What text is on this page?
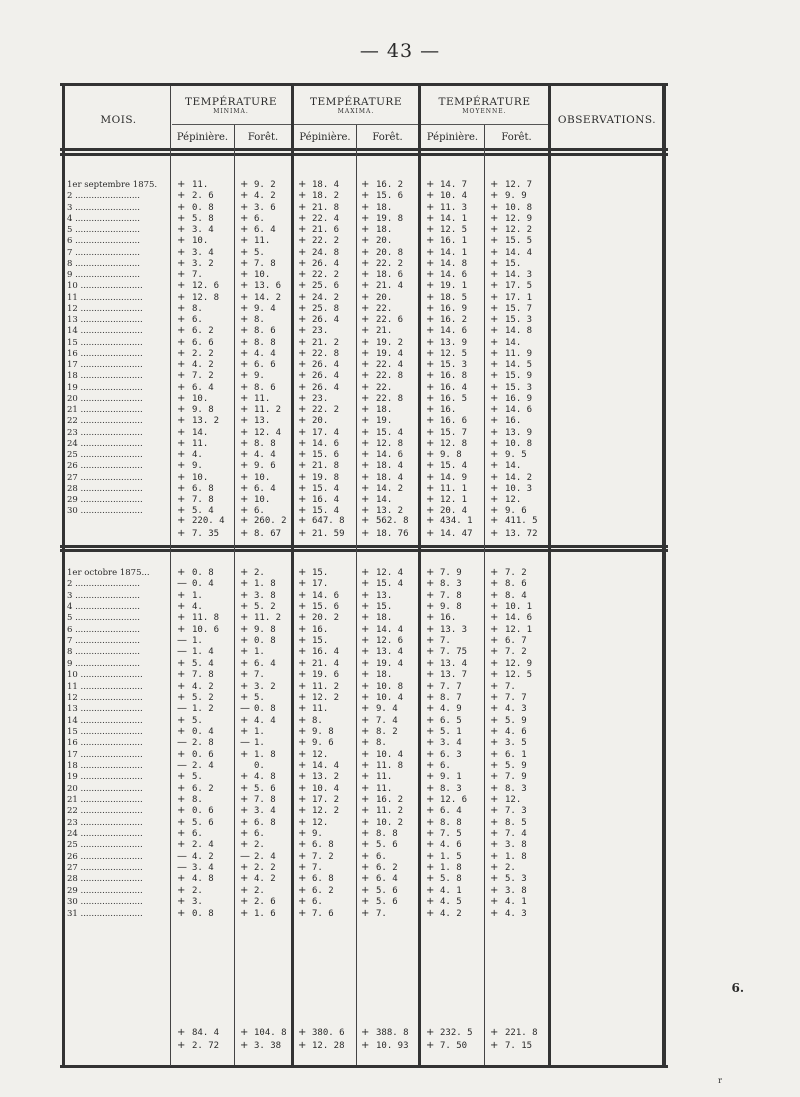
— 43 —
MOIS.
TEMPÉRATURE
MINIMA.
TEMPÉRATURE
MAXIMA.
TEMPÉRATURE
MOYENNE.
OBSERVATIONS.
Pépinière.	Forêt.	Pépinière.	Forêt.	Pépinière.	Forêt.
1er septembre 1875.	+ 11.	+ 9. 2 + 18. 4 + 16. 2 + 14. 7 + 12. 7
2 ........................	+ 2. 6	+ 4. 2 + 18. 2 + 15. 6 + 10. 4 + 9. 9
3 ........................	+ 0. 8	+ 3. 6 + 21. 8 + 18.	+ 11. 3 + 10. 8
4 ........................	+ 5. 8	+ 6.	+ 22. 4 + 19. 8 + 14. 1 + 12. 9
5 ........................	+ 3. 4	+ 6. 4 + 21. 6 + 18.	+ 12. 5 + 12. 2
6 ........................	+ 10.	+ 11.	+ 22. 2 + 20.	+ 16. 1 + 15. 5
7 ........................	+ 3. 4	+ 5.	+ 24. 8 + 20. 8 + 14. 1 + 14. 4
8 ........................	+ 3. 2	+ 7. 8 + 26. 4 + 22. 2 + 14. 8 + 15.
9 ........................	+ 7.	+ 10.	+ 22. 2 + 18. 6 + 14. 6 + 14. 3
10 .......................	+ 12. 6 + 13. 6 + 25. 6 + 21. 4 + 19. 1 + 17. 5
11 .......................	+ 12. 8 + 14. 2 + 24. 2 + 20.	+ 18. 5 + 17. 1
12 .......................	+ 8.	+ 9. 4 + 25. 8 + 22.	+ 16. 9 + 15. 7
13 .......................	+ 6.	+ 8.	+ 26. 4 + 22. 6 + 16. 2 + 15. 3
14 .......................	+ 6. 2	+ 8. 6 + 23.	+ 21.	+ 14. 6 + 14. 8
15 .......................	+ 6. 6	+ 8. 8 + 21. 2 + 19. 2 + 13. 9 + 14.
16 .......................	+ 2. 2	+ 4. 4 + 22. 8 + 19. 4 + 12. 5 + 11. 9
17 .......................	+ 4. 2	+ 6. 6 + 26. 4 + 22. 4 + 15. 3 + 14. 5
18 .......................	+ 7. 2	+ 9.	+ 26. 4 + 22. 8 + 16. 8 + 15. 9
19 .......................	+ 6. 4	+ 8. 6 + 26. 4 + 22.	+ 16. 4 + 15. 3
20 .......................	+ 10.	+ 11.	+ 23.	+ 22. 8 + 16. 5 + 16. 9
21 .......................	+ 9. 8	+ 11. 2 + 22. 2 + 18.	+ 16.	+ 14. 6
22 .......................	+ 13. 2 + 13.	+ 20.	+ 19.	+ 16. 6 + 16.
23 .......................	+ 14.	+ 12. 4 + 17. 4 + 15. 4 + 15. 7 + 13. 9
24 .......................	+ 11.	+ 8. 8 + 14. 6 + 12. 8 + 12. 8 + 10. 8
25 .......................	+ 4.	+ 4. 4 + 15. 6 + 14. 6 + 9. 8	+ 9. 5
26 .......................	+ 9.	+ 9. 6 + 21. 8 + 18. 4 + 15. 4 + 14.
27 .......................	+ 10.	+ 10.	+ 19. 8 + 18. 4 + 14. 9 + 14. 2
28 .......................	+ 6. 8	+ 6. 4 + 15. 4 + 14. 2 + 11. 1 + 10. 3
29 .......................	+ 7. 8	+ 10.	+ 16. 4 + 14.	+ 12. 1 + 12.
30 .......................	+ 5. 4	+ 6.	+ 15. 4 + 13. 2 + 20. 4 + 9. 6
+ 220. 4 + 260. 2 + 647. 8 + 562. 8 + 434. 1 + 411. 5
+ 7. 35 + 8. 67 + 21. 59 + 18. 76 + 14. 47 + 13. 72
1er octobre 1875...	+ 0. 8	+ 2.	+ 15.	+ 12. 4 + 7. 9	+ 7. 2
2 ........................	— 0. 4	+ 1. 8 + 17.	+ 15. 4 + 8. 3	+ 8. 6
3 ........................	+ 1.	+ 3. 8 + 14. 6 + 13.	+ 7. 8	+ 8. 4
4 ........................	+ 4.	+ 5. 2 + 15. 6 + 15.	+ 9. 8	+ 10. 1
5 ........................	+ 11. 8 + 11. 2 + 20. 2 + 18.	+ 16.	+ 14. 6
6 ........................	+ 10. 6 + 9. 8 + 16.	+ 14. 4 + 13. 3 + 12. 1
7 ........................	— 1.	+ 0. 8 + 15.	+ 12. 6 + 7.	+ 6. 7
8 ........................	— 1. 4	+ 1.	+ 16. 4 + 13. 4 + 7. 75 + 7. 2
9 ........................	+ 5. 4	+ 6. 4 + 21. 4 + 19. 4 + 13. 4 + 12. 9
10 .......................	+ 7. 8	+ 7.	+ 19. 6 + 18.	+ 13. 7 + 12. 5
11 .......................	+ 4. 2	+ 3. 2 + 11. 2 + 10. 8 + 7. 7	+ 7.
12 .......................	+ 5. 2	+ 5.	+ 12. 2 + 10. 4 + 8. 7	+ 7. 7
13 .......................	— 1. 2	— 0. 8 + 11.	+ 9. 4	+ 4. 9	+ 4. 3
14 .......................	+ 5.	+ 4. 4 + 8.	+ 7. 4	+ 6. 5	+ 5. 9
15 .......................	+ 0. 4	+ 1.	+ 9. 8	+ 8. 2	+ 5. 1	+ 4. 6
16 .......................	— 2. 8	— 1.	+ 9. 6	+ 8.	+ 3. 4	+ 3. 5
17 .......................	+ 0. 6	+ 1. 8 + 12.	+ 10. 4 + 6. 3	+ 6. 1
18 .......................	— 2. 4	0.	+ 14. 4 + 11. 8 + 6.	+ 5. 9
19 .......................	+ 5.	+ 4. 8 + 13. 2 + 11.	+ 9. 1	+ 7. 9
20 .......................	+ 6. 2	+ 5. 6 + 10. 4 + 11.	+ 8. 3	+ 8. 3
21 .......................	+ 8.	+ 7. 8 + 17. 2 + 16. 2 + 12. 6 + 12.
22 .......................	+ 0. 6	+ 3. 4 + 12. 2 + 11. 2 + 6. 4	+ 7. 3
23 .......................	+ 5. 6	+ 6. 8 + 12.	+ 10. 2 + 8. 8	+ 8. 5
24 .......................	+ 6.	+ 6.	+ 9.	+ 8. 8	+ 7. 5	+ 7. 4
25 .......................	+ 2. 4	+ 2.	+ 6. 8	+ 5. 6	+ 4. 6	+ 3. 8
26 .......................	— 4. 2	— 2. 4 + 7. 2	+ 6.	+ 1. 5	+ 1. 8
27 .......................	— 3. 4	+ 2. 2 + 7.	+ 6. 2	+ 1. 8	+ 2.
28 .......................	+ 4. 8	+ 4. 2 + 6. 8	+ 6. 4	+ 5. 8	+ 5. 3
29 .......................	+ 2.	+ 2.	+ 6. 2	+ 5. 6	+ 4. 1	+ 3. 8
30 .......................	+ 3.	+ 2. 6 + 6.	+ 5. 6	+ 4. 5	+ 4. 1
31 .......................	+ 0. 8	+ 1. 6 + 7. 6	+ 7.	+ 4. 2	+ 4. 3
+ 84. 4 + 104. 8 + 380. 6 + 388. 8 + 232. 5 + 221. 8
+ 2. 72 + 3. 38 + 12. 28 + 10. 93 + 7. 50 + 7. 15
6.
r
